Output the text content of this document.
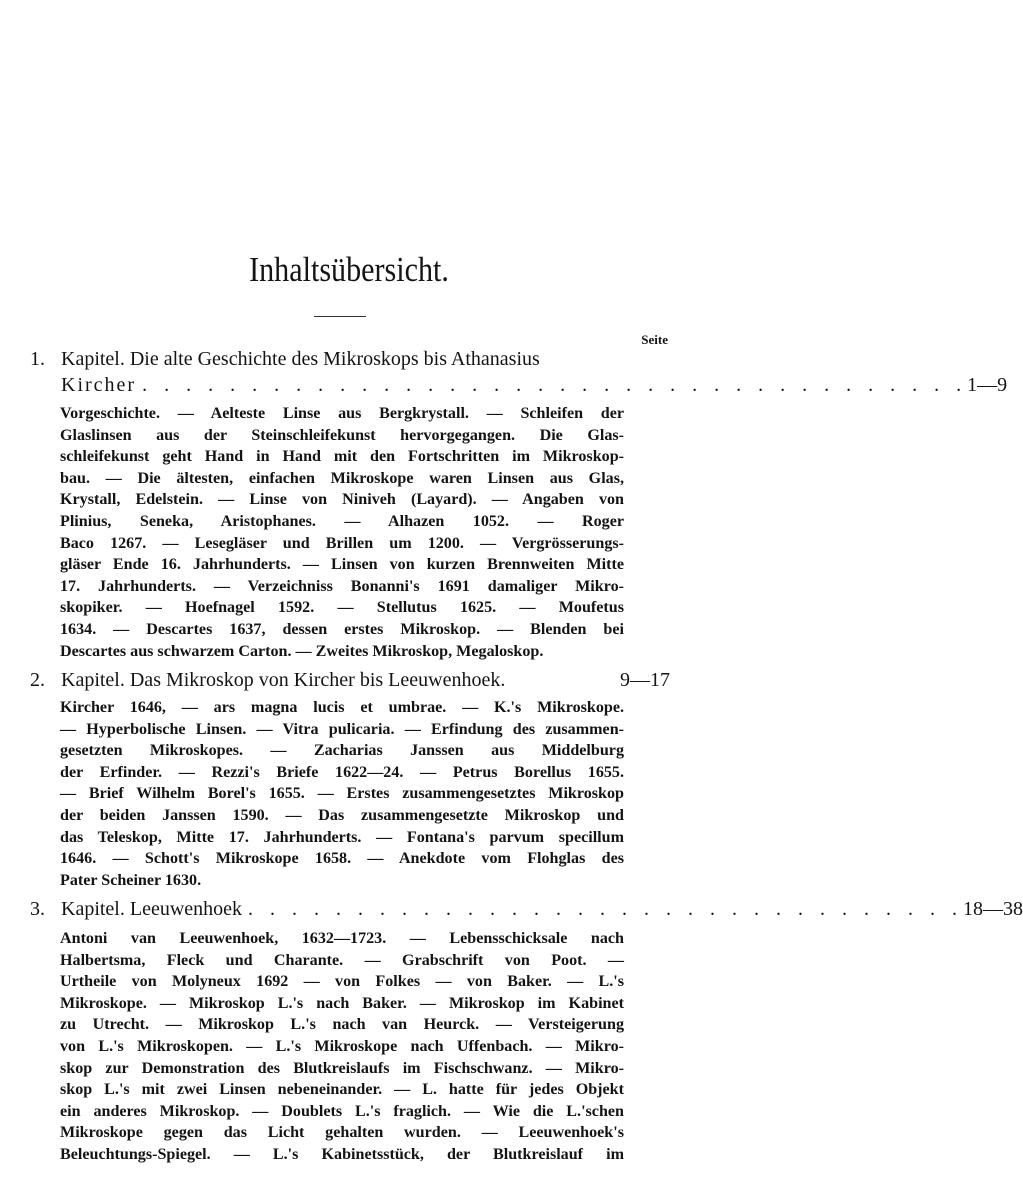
Inhaltsübersicht.
Seite
1. Kapitel. Die alte Geschichte des Mikroskops bis Athanasius
Kircher . . . . . . . . . . . . . . . . . . . . . . . . . . . . . . . . . . . . . . 1—9
Vorgeschichte. — Aelteste Linse aus Bergkrystall. — Schleifen der
Glaslinsen aus der Steinschleifekunst hervorgegangen. Die Glas-
schleifekunst geht Hand in Hand mit den Fortschritten im Mikroskop-
bau. — Die ältesten, einfachen Mikroskope waren Linsen aus Glas,
Krystall, Edelstein. — Linse von Niniveh (Layard). — Angaben von
Plinius, Seneka, Aristophanes. — Alhazen 1052. — Roger
Baco 1267. — Lesegläser und Brillen um 1200. — Vergrösserungs-
gläser Ende 16. Jahrhunderts. — Linsen von kurzen Brennweiten Mitte
17. Jahrhunderts. — Verzeichniss Bonanni's 1691 damaliger Mikro-
skopiker. — Hoefnagel 1592. — Stellutus 1625. — Moufetus
1634. — Descartes 1637, dessen erstes Mikroskop. — Blenden bei
Descartes aus schwarzem Carton. — Zweites Mikroskop, Megaloskop.
2. Kapitel. Das Mikroskop von Kircher bis Leeuwenhoek.	9—17
Kircher 1646, — ars magna lucis et umbrae. — K.'s Mikroskope.
— Hyperbolische Linsen. — Vitra pulicaria. — Erfindung des zusammen-
gesetzten Mikroskopes. — Zacharias Janssen aus Middelburg
der Erfinder. — Rezzi's Briefe 1622—24. — Petrus Borellus 1655.
— Brief Wilhelm Borel's 1655. — Erstes zusammengesetztes Mikroskop
der beiden Janssen 1590. — Das zusammengesetzte Mikroskop und
das Teleskop, Mitte 17. Jahrhunderts. — Fontana's parvum specillum
1646. — Schott's Mikroskope 1658. — Anekdote vom Flohglas des
Pater Scheiner 1630.
3. Kapitel. Leeuwenhoek . . . . . . . . . . . . . . . . . . . . . . . . . . . . . . . . . 18—38
Antoni van Leeuwenhoek, 1632—1723. — Lebensschicksale nach
Halbertsma, Fleck und Charante. — Grabschrift von Poot. —
Urtheile von Molyneux 1692 — von Folkes — von Baker. — L.'s
Mikroskope. — Mikroskop L.'s nach Baker. — Mikroskop im Kabinet
zu Utrecht. — Mikroskop L.'s nach van Heurck. — Versteigerung
von L.'s Mikroskopen. — L.'s Mikroskope nach Uffenbach. — Mikro-
skop zur Demonstration des Blutkreislaufs im Fischschwanz. — Mikro-
skop L.'s mit zwei Linsen nebeneinander. — L. hatte für jedes Objekt
ein anderes Mikroskop. — Doublets L.'s fraglich. — Wie die L.'schen
Mikroskope gegen das Licht gehalten wurden. — Leeuwenhoek's
Beleuchtungs-Spiegel. — L.'s Kabinetsstück, der Blutkreislauf im
